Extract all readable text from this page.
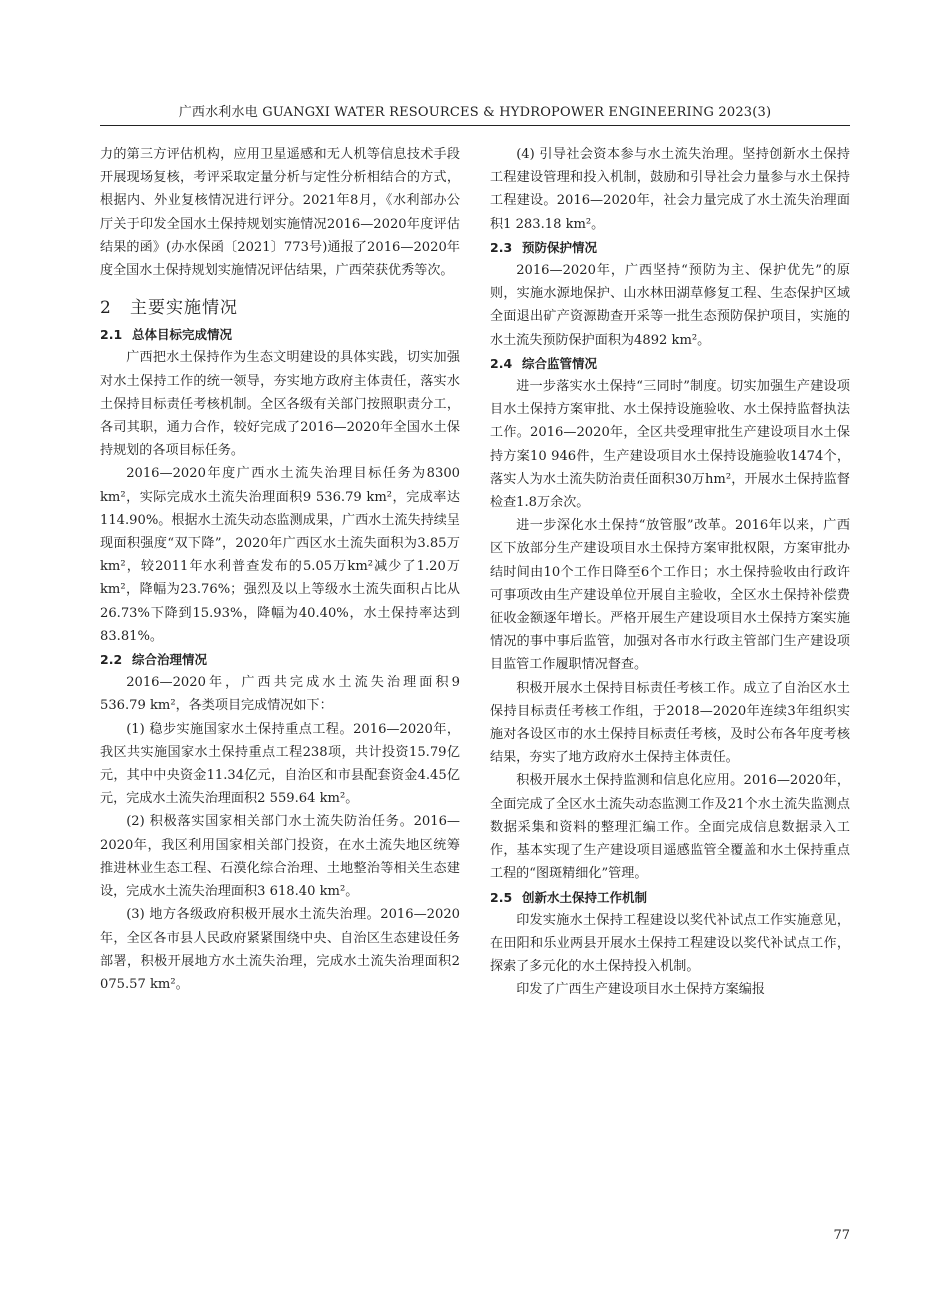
广西水利水电 GUANGXI WATER RESOURCES & HYDROPOWER ENGINEERING 2023(3)

力的第三方评估机构，应用卫星遥感和无人机等信息技术手段开展现场复核，考评采取定量分析与定性分析相结合的方式，根据内、外业复核情况进行评分。2021年8月，《水利部办公厅关于印发全国水土保持规划实施情况2016—2020年度评估结果的函》(办水保函〔2021〕773号)通报了2016—2020年度全国水土保持规划实施情况评估结果，广西荣获优秀等次。

2 主要实施情况
2.1 总体目标完成情况

广西把水土保持作为生态文明建设的具体实践，切实加强对水土保持工作的统一领导，夯实地方政府主体责任，落实水土保持目标责任考核机制。全区各级有关部门按照职责分工，各司其职，通力合作，较好完成了2016—2020年全国水土保持规划的各项目标任务。

2016—2020年度广西水土流失治理目标任务为8300 km²，实际完成水土流失治理面积9 536.79 km²，完成率达114.90%。根据水土流失动态监测成果，广西水土流失持续呈现面积强度“双下降”，2020年广西区水土流失面积为3.85万km²，较2011年水利普查发布的5.05万km²减少了1.20万km²，降幅为23.76%；强烈及以上等级水土流失面积占比从26.73%下降到15.93%，降幅为40.40%，水土保持率达到83.81%。

2.2 综合治理情况

2016—2020年，广西共完成水土流失治理面积9 536.79 km²，各类项目完成情况如下：

(1) 稳步实施国家水土保持重点工程。2016—2020年，我区共实施国家水土保持重点工程238项，共计投资15.79亿元，其中中央资金11.34亿元，自治区和市县配套资金4.45亿元，完成水土流失治理面积2 559.64 km²。

(2) 积极落实国家相关部门水土流失防治任务。2016—2020年，我区利用国家相关部门投资，在水土流失地区统筹推进林业生态工程、石漠化综合治理、土地整治等相关生态建设，完成水土流失治理面积3 618.40 km²。

(3) 地方各级政府积极开展水土流失治理。2016—2020年，全区各市县人民政府紧紧围绕中央、自治区生态建设任务部署，积极开展地方水土流失治理，完成水土流失治理面积2 075.57 km²。

(4) 引导社会资本参与水土流失治理。坚持创新水土保持工程建设管理和投入机制，鼓励和引导社会力量参与水土保持工程建设。2016—2020年，社会力量完成了水土流失治理面积1 283.18 km²。

2.3 预防保护情况

2016—2020年，广西坚持“预防为主、保护优先”的原则，实施水源地保护、山水林田湖草修复工程、生态保护区域全面退出矿产资源勘查开采等一批生态预防保护项目，实施的水土流失预防保护面积为4892 km²。

2.4 综合监管情况

进一步落实水土保持“三同时”制度。切实加强生产建设项目水土保持方案审批、水土保持设施验收、水土保持监督执法工作。2016—2020年，全区共受理审批生产建设项目水土保持方案10 946件，生产建设项目水土保持设施验收1474个，落实人为水土流失防治责任面积30万hm²，开展水土保持监督检查1.8万余次。

进一步深化水土保持“放管服”改革。2016年以来，广西区下放部分生产建设项目水土保持方案审批权限，方案审批办结时间由10个工作日降至6个工作日；水土保持验收由行政许可事项改由生产建设单位开展自主验收，全区水土保持补偿费征收金额逐年增长。严格开展生产建设项目水土保持方案实施情况的事中事后监管，加强对各市水行政主管部门生产建设项目监管工作履职情况督查。

积极开展水土保持目标责任考核工作。成立了自治区水土保持目标责任考核工作组，于2018—2020年连续3年组织实施对各设区市的水土保持目标责任考核，及时公布各年度考核结果，夯实了地方政府水土保持主体责任。

积极开展水土保持监测和信息化应用。2016—2020年，全面完成了全区水土流失动态监测工作及21个水土流失监测点数据采集和资料的整理汇编工作。全面完成信息数据录入工作，基本实现了生产建设项目遥感监管全覆盖和水土保持重点工程的“图斑精细化”管理。

2.5 创新水土保持工作机制

印发实施水土保持工程建设以奖代补试点工作实施意见，在田阳和乐业两县开展水土保持工程建设以奖代补试点工作，探索了多元化的水土保持投入机制。

印发了广西生产建设项目水土保持方案编报

77
